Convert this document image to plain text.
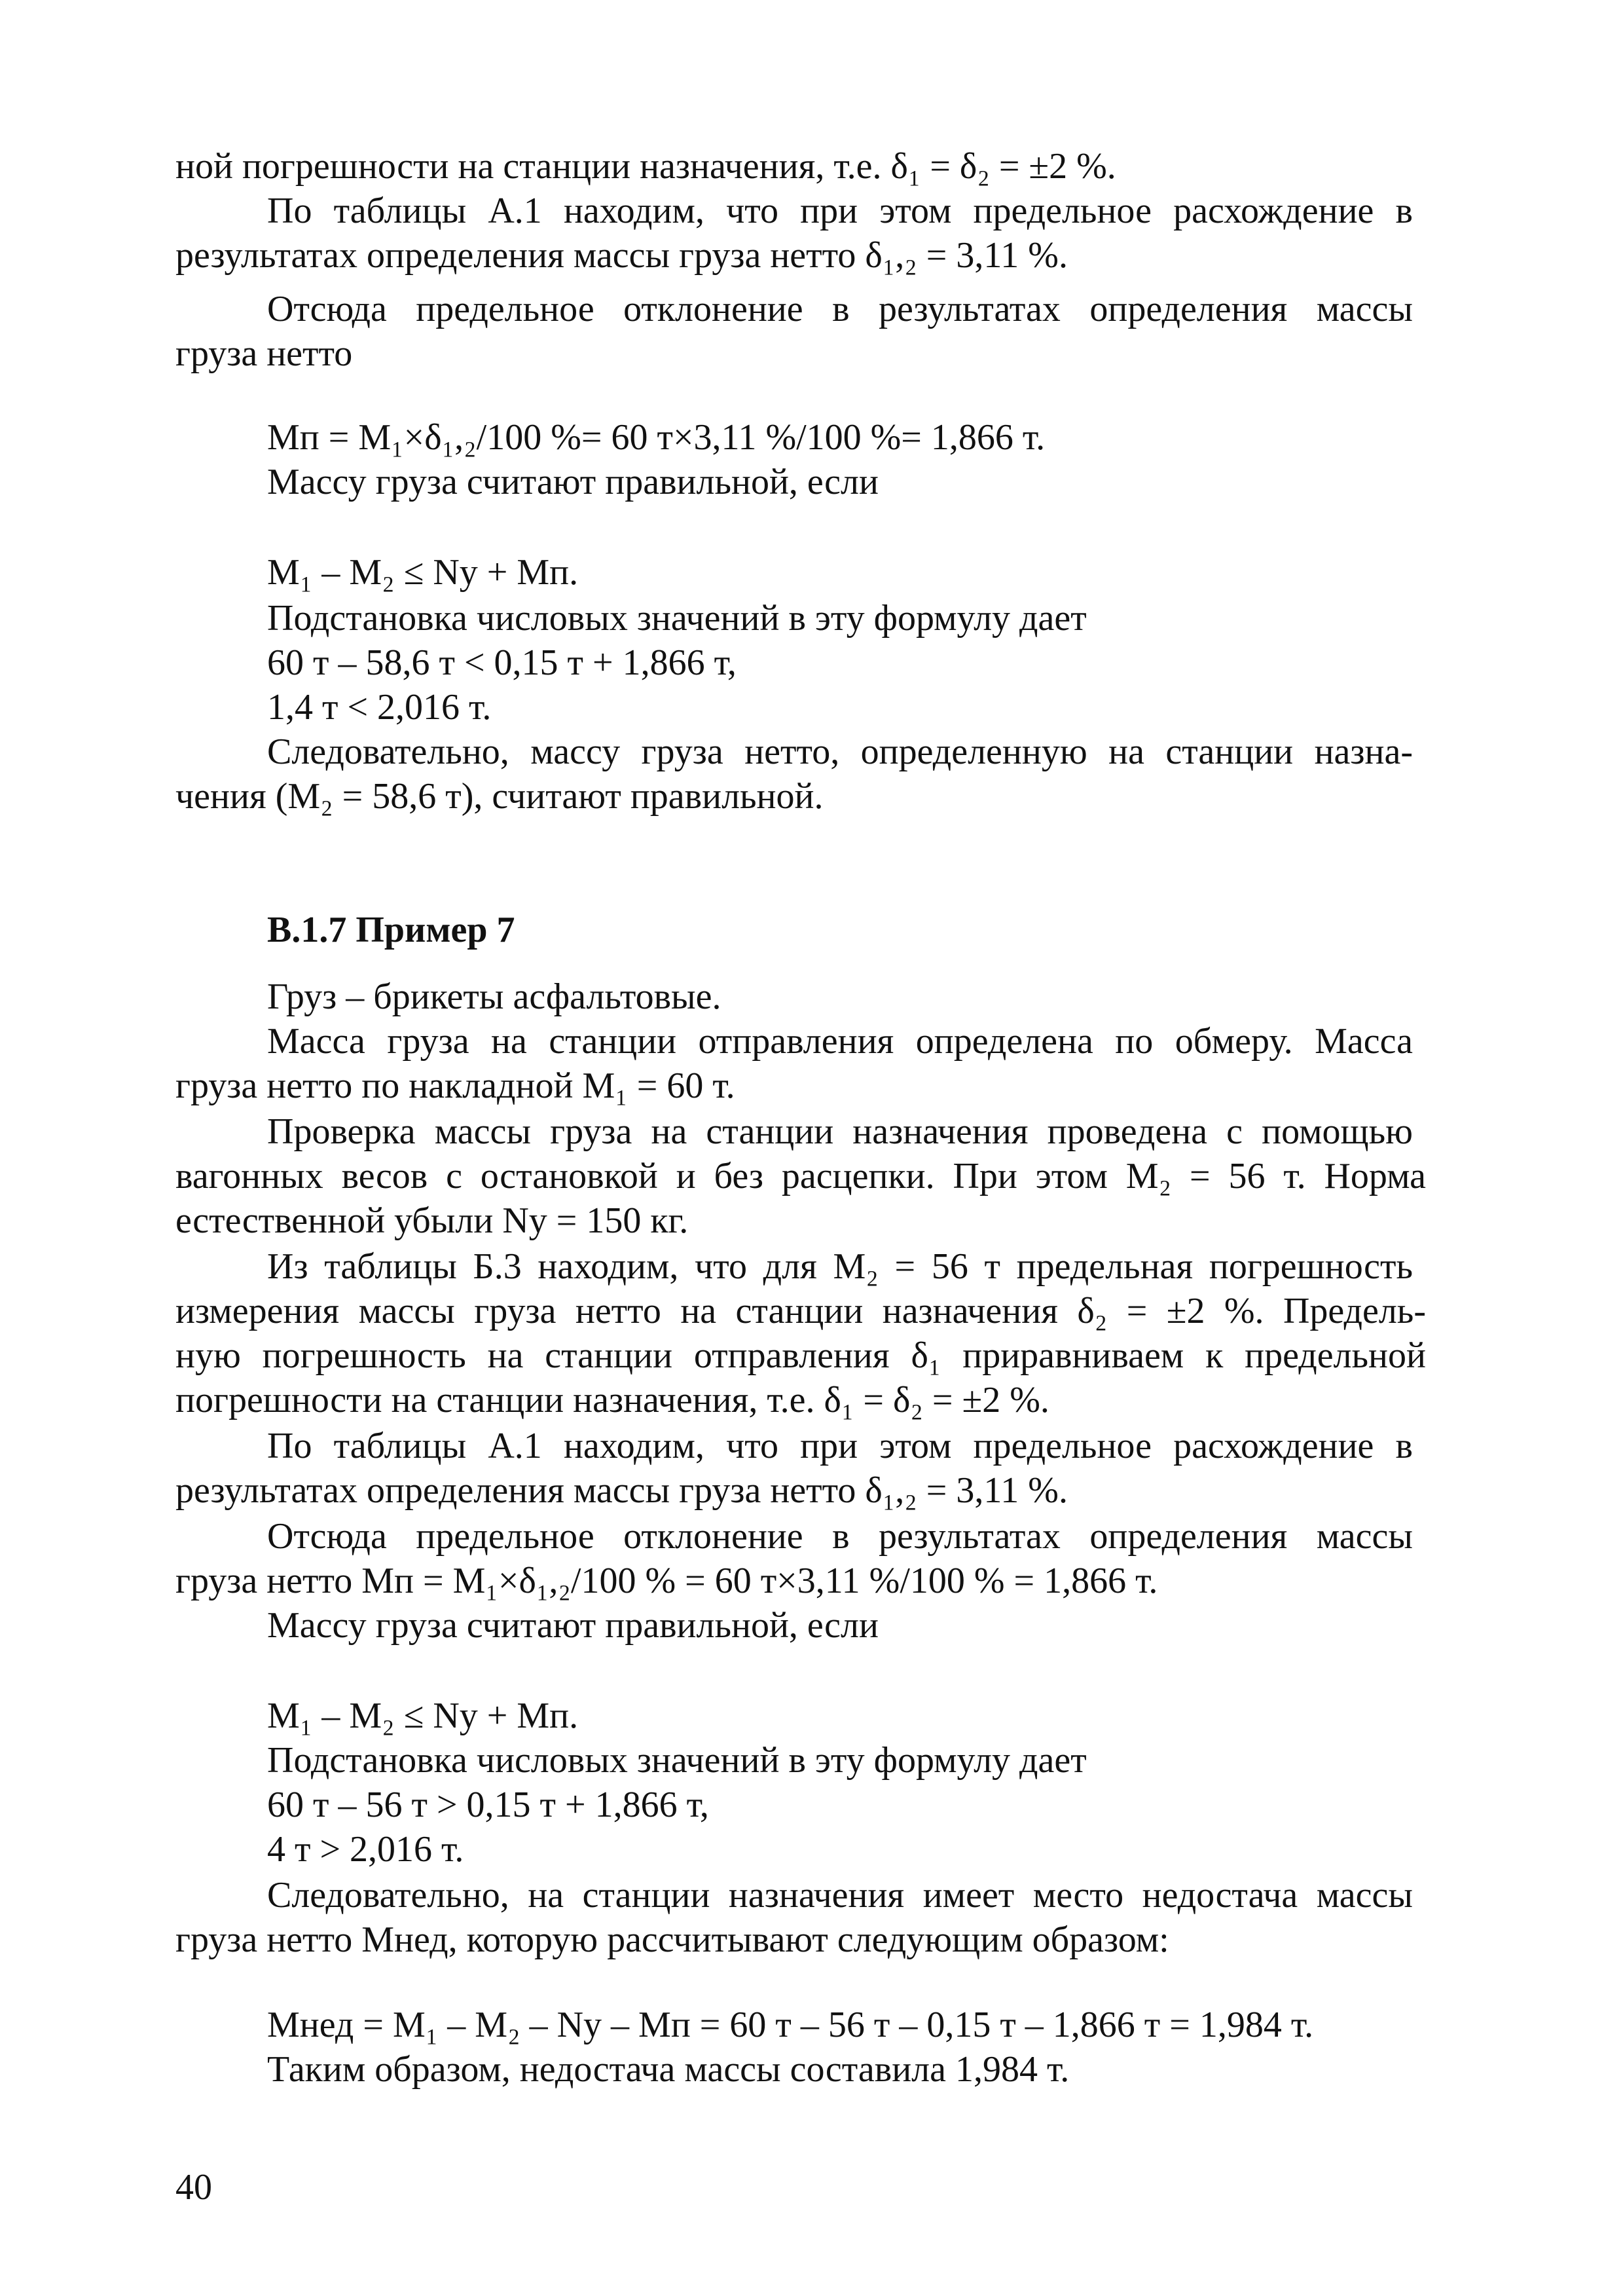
ной погрешности на станции назначения, т.е. δ₁ = δ₂ = ±2 %.
По таблицы А.1 находим, что при этом предельное расхождение в
результатах определения массы груза нетто δ₁,₂ = 3,11 %.
Отсюда предельное отклонение в результатах определения массы
груза нетто
Мп = М₁×δ₁,₂/100 %= 60 т×3,11 %/100 %= 1,866 т.
Массу груза считают правильной, если
М₁ – М₂ ≤ Nу + Мп.
Подстановка числовых значений в эту формулу дает
60 т – 58,6 т < 0,15 т + 1,866 т,
1,4 т < 2,016 т.
Следовательно, массу груза нетто, определенную на станции назна-
чения (М₂ = 58,6 т), считают правильной.
В.1.7 Пример 7
Груз – брикеты асфальтовые.
Масса груза на станции отправления определена по обмеру. Масса
груза нетто по накладной М₁ = 60 т.
Проверка массы груза на станции назначения проведена с помощью
вагонных весов с остановкой и без расцепки. При этом М₂ = 56 т. Норма
естественной убыли Nу = 150 кг.
Из таблицы Б.3 находим, что для М₂ = 56 т предельная погрешность
измерения массы груза нетто на станции назначения δ₂ = ±2 %. Предель-
ную погрешность на станции отправления δ₁ приравниваем к предельной
погрешности на станции назначения, т.е. δ₁ = δ₂ = ±2 %.
По таблицы А.1 находим, что при этом предельное расхождение в
результатах определения массы груза нетто δ₁,₂ = 3,11 %.
Отсюда предельное отклонение в результатах определения массы
груза нетто Мп = М₁×δ₁,₂/100 % = 60 т×3,11 %/100 % = 1,866 т.
Массу груза считают правильной, если
М₁ – М₂ ≤ Nу + Мп.
Подстановка числовых значений в эту формулу дает
60 т – 56 т > 0,15 т + 1,866 т,
4 т > 2,016 т.
Следовательно, на станции назначения имеет место недостача массы
груза нетто Мнед, которую рассчитывают следующим образом:
Мнед = М₁ – М₂ – Nу – Мп = 60 т – 56 т – 0,15 т – 1,866 т = 1,984 т.
Таким образом, недостача массы составила 1,984 т.
40
